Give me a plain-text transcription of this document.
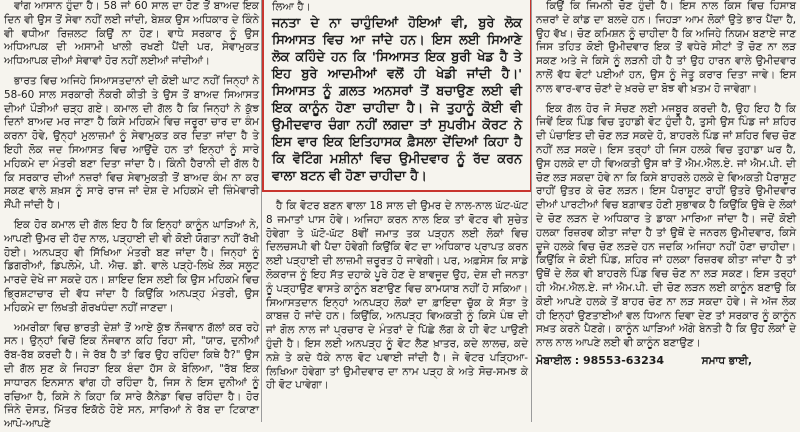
ਵਾਂਗ ਆਸਾਨ ਹੁੰਦਾ ਹੈ। 58 ਜਾਂ 60 ਸਾਲ ਦਾ ਹੋਣ ਤੋਂ ਬਾਅਦ ਇਕ ਦਿਨ ਵੀ ਉਸ ਤੋਂ ਸੇਵਾ ਨਹੀਂ ਲਈ ਜਾਂਦੀ, ਬੇਸ਼ਕ ਉਸ ਅਧਿਕਾਰ ਦੇ ਕਿੰਨੇ ਵੀ ਵਧੀਆ ਰਿਜ਼ਲਟ ਕਿਉਂ ਨਾ ਹੋਣ। ਵਾਧੇ ਸਰਕਾਰ ਨੂੰ ਉਸ ਅਧਿਆਪਕ ਦੀ ਅਸਾਮੀ ਖਾਲੀ ਰਖਣੀ ਪੈਂਦੀ ਪਰ, ਸੇਵਾਮੁਕਤ ਅਧਿਆਪਕ ਦੀਆਂ ਸੇਵਾਵਾਂ ਹੋਰ ਨਹੀਂ ਲਈਆਂ ਜਾਂਦੀਆਂ।

ਭਾਰਤ ਵਿਚ ਅਜਿਹੇ ਸਿਆਸਤਦਾਨਾਂ ਦੀ ਕੋਈ ਘਾਟ ਨਹੀਂ ਜਿਨ੍ਹਾਂ ਨੇ 58-60 ਸਾਲ ਸਰਕਾਰੀ ਨੌਕਰੀ ਕੀਤੀ ਤੇ ਉਸ ਤੋਂ ਬਾਅਦ ਸਿਆਸਤ ਦੀਆਂ ਪੌੜੀਆਂ ਚੜ੍ਹ ਗਏ। ਕਮਾਲ ਦੀ ਗੱਲ ਹੈ ਕਿ ਜਿਨ੍ਹਾਂ ਨੇ ਕੁੱਝ ਦਿਨਾਂ ਬਾਅਦ ਮਰ ਜਾਣਾ ਹੈ ਕਿਸੇ ਮਹਿਕਮੇ ਵਿਚ ਜਰੂਰਾ ਚਾਰ ਦਾ ਕੰਮ ਕਰਨਾ ਹੋਵੇ, ਉਨ੍ਹਾਂ ਮੁਲਾਜ਼ਮਾਂ ਨੂੰ ਸੇਵਾਮੁਕਤ ਕਰ ਦਿਤਾ ਜਾਂਦਾ ਹੈ ਤੇ ਇਹੀ ਲੋਕ ਜਦ ਸਿਆਸਤ ਵਿਚ ਆਉਂਦੇ ਹਨ ਤਾਂ ਇਨ੍ਹਾਂ ਨੂੰ ਸਾਰੇ ਮਹਿਕਮੇ ਦਾ ਮੰਤਰੀ ਬਣਾ ਦਿਤਾ ਜਾਂਦਾ ਹੈ। ਕਿੰਨੀ ਹੈਰਾਨੀ ਦੀ ਗੱਲ ਹੈ ਕਿ ਸਰਕਾਰ ਦੀਆਂ ਨਜ਼ਰਾਂ ਵਿਚ ਸੇਵਾਮੁਕਤੀ ਤੋਂ ਬਾਅਦ ਕੰਮ ਨਾ ਕਰ ਸਕਣ ਵਾਲੇ ਸ਼ਖ਼ਸ ਨੂੰ ਸਾਰੇ ਰਾਜ ਜਾਂ ਦੇਸ਼ ਦੇ ਮਹਿਕਮੇ ਦੀ ਜ਼ਿੰਮੇਵਾਰੀ ਸੌਂਪੀ ਜਾਂਦੀ ਹੈ।

ਇਕ ਹੋਰ ਕਮਾਲ ਦੀ ਗੱਲ ਇਹ ਹੈ ਕਿ ਇਨ੍ਹਾਂ ਕਾਨੂੰਨ ਘਾੜਿਆਂ ਨੇ, ਆਪਣੀ ਉਮਰ ਦੀ ਹੱਦ ਨਾਲ, ਪੜ੍ਹਾਈ ਦੀ ਵੀ ਕੋਈ ਯੋਗਤਾ ਨਹੀਂ ਰੱਖੀ ਹੋਈ। ਅਨਪੜ੍ਹ ਵੀ ਸਿੱਖਿਆ ਮੰਤਰੀ ਬਣ ਜਾਂਦਾ ਹੈ। ਜਿਨ੍ਹਾਂ ਨੂੰ ਡਿਗਰੀਆਂ, ਡਿਪਲੋਮੇ, ਪੀ. ਐਚ. ਡੀ. ਵਾਲੇ ਪੜ੍ਹੇ-ਲਿਖੇ ਲੋਕ ਸਲੂਟ ਮਾਰਦੇ ਦੇਖੇ ਜਾ ਸਕਦੇ ਹਨ। ਸ਼ਾਇਦ ਇਸ ਲਈ ਕਿ ਉਸ ਮਹਿਕਮੇ ਵਿਚ ਭ੍ਰਿਸ਼ਟਾਚਾਰ ਦੀ ਵੱਧ ਜਾਂਦਾ ਹੈ ਕਿਉਂਕਿ ਅਨਪੜ੍ਹ ਮੰਤਰੀ, ਉਸ ਮਹਿਕਮੇ ਦਾ ਲਿਖਤੀ ਗੋਰਖਧੰਦਾ ਨਹੀਂ ਜਾਣਦਾ।

ਅਮਰੀਕਾ ਵਿਚ ਭਾਰਤੀ ਦੇਸ਼ਾਂ ਤੋਂ ਆਏ ਕੁੱਝ ਨੌਜਵਾਨ ਗੱਲਾਂ ਕਰ ਰਹੇ ਸਨ। ਉਨ੍ਹਾਂ ਵਿਚੋਂ ਇਕ ਨੌਜਵਾਨ ਕਹਿ ਰਿਹਾ ਸੀ, "ਯਾਰ, ਦੁਨੀਆਂ ਰੱਬ-ਰੱਬ ਕਰਦੀ ਹੈ। ਜੇ ਰੱਬ ਹੈ ਤਾਂ ਫਿਰ ਉਹ ਰਹਿੰਦਾ ਕਿਥੇ ਹੈ?" ਉਸ ਦੀ ਗੱਲ ਸੁਣ ਕੇ ਜਿਹੜਾ ਇਕ ਬੰਦਾ ਹੱਸ ਕੇ ਬੋਲਿਆ, "ਰੱਬ ਇਕ ਸਾਧਾਰਨ ਇਨਸਾਨ ਵਾਂਗ ਹੀ ਰਹਿੰਦਾ ਹੈ, ਜਿਸ ਨੇ ਇਸ ਦੁਨੀਆਂ ਨੂੰ ਰਚਿਆ ਹੈ, ਕਿਸੇ ਨੇ ਕਿਹਾ ਕਿ ਸਾਰੇ ਕੈਨੇਡਾ ਵਿਚ ਰਹਿੰਦਾ ਹੈ। ਹੋਰ ਜਿੰਨੇ ਦੋਸਤ, ਮਿੱਤਰ ਇਕੱਠੇ ਹੋਏ ਸਨ, ਸਾਰਿਆਂ ਨੇ ਰੱਬ ਦਾ ਟਿਕਾਣਾ ਆਪੋ-ਆਪਣੇ

ਲਿਆ ਹੈ।
ਜਨਤਾ ਦੇ ਨਾ ਚਾਹੁੰਦਿਆਂ ਹੋਇਆਂ ਵੀ, ਬੁਰੇ ਲੋਕ ਸਿਆਸਤ ਵਿਚ ਆ ਜਾਂਦੇ ਹਨ। ਇਸ ਲਈ ਸਿਆਣੇ ਲੋਕ ਕਹਿੰਦੇ ਹਨ ਕਿ 'ਸਿਆਸਤ ਇਕ ਬੁਰੀ ਖੇਡ ਹੈ ਤੇ ਇਹ ਬੁਰੇ ਆਦਮੀਆਂ ਵਲੋਂ ਹੀ ਖੇਡੀ ਜਾਂਦੀ ਹੈ।' ਸਿਆਸਤ ਨੂੰ ਗ਼ਲਤ ਅਨਸਰਾਂ ਤੋਂ ਬਚਾਉਣ ਲਈ ਵੀ ਇਕ ਕਾਨੂੰਨ ਹੋਣਾ ਚਾਹੀਦਾ ਹੈ। ਜੇ ਤੁਹਾਨੂੰ ਕੋਈ ਵੀ ਉਮੀਦਵਾਰ ਚੰਗਾ ਨਹੀਂ ਲਗਦਾ ਤਾਂ ਸੁਪਰੀਮ ਕੋਰਟ ਨੇ ਇਸ ਵਾਰ ਇਕ ਇਤਿਹਾਸਕ ਫ਼ੈਸਲਾ ਦੇਂਦਿਆਂ ਕਿਹਾ ਹੈ ਕਿ ਵੋਟਿੰਗ ਮਸ਼ੀਨਾਂ ਵਿਚ ਉਮੀਦਵਾਰ ਨੂੰ ਰੱਦ ਕਰਨ ਵਾਲਾ ਬਟਨ ਵੀ ਹੋਣਾ ਚਾਹੀਦਾ ਹੈ।

ਹੈ ਕਿ ਵੋਟਰ ਬਣਨ ਵਾਲਾ 18 ਸਾਲ ਦੀ ਉਮਰ ਦੇ ਨਾਲ-ਨਾਲ ਘੱਟ-ਘੱਟ 8 ਜਮਾਤਾਂ ਪਾਸ ਹੋਵੇ। ਅਜਿਹਾ ਕਰਨ ਨਾਲ ਇਕ ਤਾਂ ਵੋਟਰ ਵੀ ਸੁਚੇਤ ਹੋਵੇਗਾ ਤੇ ਘੱਟੋ-ਘੱਟ 8ਵੀਂ ਜਮਾਤ ਤਕ ਪੜ੍ਹਨ ਲਈ ਲੋਕਾਂ ਵਿਚ ਦਿਲਚਸਪੀ ਵੀ ਪੈਦਾ ਹੋਵੇਗੀ ਕਿਉਂਕਿ ਵੋਟ ਦਾ ਅਧਿਕਾਰ ਪ੍ਰਾਪਤ ਕਰਨ ਲਈ ਪੜ੍ਹਾਈ ਦੀ ਲਾਜ਼ਮੀ ਜ਼ਰੂਰਤ ਹੋ ਜਾਵੇਗੀ। ਪਰ, ਅਫ਼ਸੋਸ ਕਿ ਸਾਡੇ ਲੋਕਰਾਜ ਨੂੰ ਇਹ ਸੱਤ ਦਹਾਕੇ ਪੂਰੇ ਹੋਣ ਦੇ ਬਾਵਜੂਦ ਉਹ, ਦੇਸ਼ ਦੀ ਜਨਤਾ ਨੂੰ ਪੜ੍ਹਾਉਣ ਵਾਸਤੇ ਕਾਨੂੰਨ ਬਣਾਉਣ ਵਿਚ ਕਾਮਯਾਬ ਨਹੀਂ ਹੋ ਸਕਿਆ। ਸਿਆਸਤਦਾਨ ਇਨ੍ਹਾਂ ਅਨਪੜ੍ਹ ਲੋਕਾਂ ਦਾ ਫ਼ਾਇਦਾ ਚੁੱਕ ਕੇ ਸੱਤਾ ਤੇ ਕਾਬਜ਼ ਹੋ ਜਾਂਦੇ ਹਨ। ਕਿਉਂਕਿ, ਅਨਪੜ੍ਹ ਵਿਅਕਤੀ ਨੂੰ ਕਿਸੇ ਪੰਥ ਦੀ ਜਾਂ ਗੋਲ ਨਾਲ ਜਾਂ ਪ੍ਰਚਾਰ ਦੇ ਮੰਤਰਾਂ ਦੇ ਪਿੱਛੇ ਲੱਗ ਕੇ ਹੀ ਵੋਟ ਪਾਉਣੀ ਹੁੰਦੀ ਹੈ। ਇਸ ਲਈ ਅਨਪੜ੍ਹ ਨੂੰ ਵੋਟ ਲੈਣ ਖ਼ਾਤਰ, ਕਦੇ ਲਾਲਚ, ਕਦੇ ਨਸ਼ੇ ਤੇ ਕਦੇ ਧੱਕੇ ਨਾਲ ਵੋਟ ਪਵਾਈ ਜਾਂਦੀ ਹੈ। ਜੇ ਵੋਟਰ ਪੜ੍ਹਿਆ-ਲਿਖਿਆ ਹੋਵੇਗਾ ਤਾਂ ਉਮੀਦਵਾਰ ਦਾ ਨਾਮ ਪੜ੍ਹ ਕੇ ਅਤੇ ਸੋਚ-ਸਮਝ ਕੇ ਹੀ ਵੋਟ ਪਾਵੇਗਾ।

ਕਿਉਂ ਕਿ ਜਿਮਨੀ ਚੋਣ ਹੁੰਦੀ ਹੈ। ਇਸ ਨਾਲ ਕਿਸ ਵਿਚ ਹਿਸਾਬ ਨਜ਼ਰਾਂ ਦੇ ਕਾਂਡ ਦਾ ਬਲਦੇ ਹਨ। ਜਿਹੜਾ ਆਮ ਲੋਕਾਂ ਉਤੇ ਭਾਰ ਪੈਂਦਾ ਹੈ, ਉਹ ਵੱਖ। ਚੋਣ ਕਮਿਸ਼ਨ ਨੂੰ ਚਾਹੀਦਾ ਹੈ ਕਿ ਅਜਿਹੇ ਨਿਯਮ ਬਣਾਏ ਜਾਣ ਜਿਸ ਤਹਿਤ ਕੋਈ ਉਮੀਦਵਾਰ ਇਕ ਤੋਂ ਵਧੇਰੇ ਸੀਟਾਂ ਤੋਂ ਚੋਣ ਨਾ ਲੜ ਸਕਣ ਅਤੇ ਜੇ ਕਿਸੇ ਨੂੰ ਲੜਨੀ ਹੀ ਹੈ ਤਾਂ ਉਹ ਹਾਰਨ ਵਾਲੇ ਉਮੀਦਵਾਰ ਨਾਲੋਂ ਵੱਧ ਵੋਟਾਂ ਪਈਆਂ ਹਨ, ਉਸ ਨੂੰ ਜੇਤੂ ਕਰਾਰ ਦਿਤਾ ਜਾਵੇ। ਇਸ ਨਾਲ ਵਾਰ-ਵਾਰ ਚੋਣਾਂ ਦੇ ਖ਼ਰਚੇ ਦਾ ਬੋਝ ਵੀ ਖ਼ਤਮ ਹੋ ਜਾਵੇਗਾ।

ਇਕ ਗੱਲ ਹੋਰ ਜੋ ਸੋਚਣ ਲਈ ਮਜਬੂਰ ਕਰਦੀ ਹੈ, ਉਹ ਇਹ ਹੈ ਕਿ ਜਿਵੇਂ ਇਕ ਪਿੰਡ ਵਿਚ ਤੁਹਾਡੀ ਵੋਟ ਹੁੰਦੀ ਹੈ, ਤੁਸੀ ਉਸ ਪਿੰਡ ਜਾਂ ਸ਼ਹਿਰ ਦੀ ਪੰਚਾਇਤ ਦੀ ਚੋਣ ਲੜ ਸਕਦੇ ਹੋ, ਬਾਹਰਲੇ ਪਿੰਡ ਜਾਂ ਸ਼ਹਿਰ ਵਿਚ ਚੋਣ ਨਹੀਂ ਲੜ ਸਕਦੇ। ਇਸ ਤਰ੍ਹਾਂ ਹੀ ਜਿਸ ਹਲਕੇ ਵਿਚ ਤੁਹਾਡਾ ਘਰ ਹੈ, ਉਸ ਹਲਕੇ ਦਾ ਹੀ ਵਿਅਕਤੀ ਉਸ ਥਾਂ ਤੋਂ ਐਮ.ਐਲ.ਏ. ਜਾਂ ਐਮ.ਪੀ. ਦੀ ਚੋਣ ਲੜ ਸਕਦਾ ਹੋਵੇ ਨਾ ਕਿ ਕਿਸੇ ਬਾਹਰਲੇ ਹਲਕੇ ਦੇ ਵਿਅਕਤੀ ਪੈਰਾਸ਼ੂਟ ਰਾਹੀਂ ਉਤਰ ਕੇ ਚੋਣ ਲੜਨ। ਇਸ ਪੈਰਾਸ਼ੂਟ ਰਾਹੀਂ ਉਤਰੇ ਉਮੀਦਵਾਰ ਦੀਆਂ ਪਾਰਟੀਆਂ ਵਿਚ ਬਗ਼ਾਵਤ ਹੋਣੀ ਸੁਭਾਵਕ ਹੈ ਕਿਉਂਕਿ ਉਥੇ ਦੇ ਲੋਕਾਂ ਦੇ ਚੋਣ ਲੜਨ ਦੇ ਅਧਿਕਾਰ ਤੇ ਡਾਕਾ ਮਾਰਿਆ ਜਾਂਦਾ ਹੈ। ਜਦੋਂ ਕੋਈ ਹਲਕਾ ਰਿਜ਼ਰਵ ਕੀਤਾ ਜਾਂਦਾ ਹੈ ਤਾਂ ਉਥੋਂ ਦੇ ਜਨਰਲ ਉਮੀਦਵਾਰ, ਕਿਸੇ ਦੂਜੇ ਹਲਕੇ ਵਿਚ ਚੋਣ ਲੜਦੇ ਹਨ ਜਦਕਿ ਅਜਿਹਾ ਨਹੀਂ ਹੋਣਾ ਚਾਹੀਦਾ। ਕਿਉਂਕਿ ਜੇ ਕੋਈ ਪਿੰਡ, ਸ਼ਹਿਰ ਜਾਂ ਹਲਕਾ ਰਿਜ਼ਰਵ ਕੀਤਾ ਜਾਂਦਾ ਹੈ ਤਾਂ ਉਥੋਂ ਦੇ ਲੋਕ ਵੀ ਬਾਹਰਲੇ ਪਿੰਡ ਵਿਚ ਚੋਣ ਨਾ ਲੜ ਸਕਣ। ਇਸ ਤਰ੍ਹਾਂ ਹੀ ਐਮ.ਐਲ.ਏ. ਜਾਂ ਐਮ.ਪੀ. ਦੀ ਚੋਣ ਲੜਨ ਲਈ ਕਾਨੂੰਨ ਬਣਾਉ ਕਿ ਕੋਈ ਆਪਣੇ ਹਲਕੇ ਤੋਂ ਬਾਹਰ ਚੋਣ ਨਾ ਲੜ ਸਕਦਾ ਹੋਵੇ। ਜੇ ਅੱਜ ਲੋਕ ਹੀ ਇਨ੍ਹਾਂ ਉਣਤਾਈਆਂ ਵਲ ਧਿਆਨ ਦਿਵਾ ਦੇਣ ਤਾਂ ਸਰਕਾਰ ਨੂੰ ਕਾਨੂੰਨ ਸਖ਼ਤ ਕਰਨੇ ਪੈਣਗੇ। ਕਾਨੂੰਨ ਘਾੜਿਆਂ ਅੱਗੇ ਬੇਨਤੀ ਹੈ ਕਿ ਉਹ ਲੋਕਾਂ ਦੇ ਨਾਲ ਨਾਲ ਆਪਣੇ ਲਈ ਵੀ ਕਾਨੂੰਨ ਬਣਾਉਣ।

ਮੋਬਾਈਲ : 98553-63234	ਸਮਾਧ ਭਾਈ,
